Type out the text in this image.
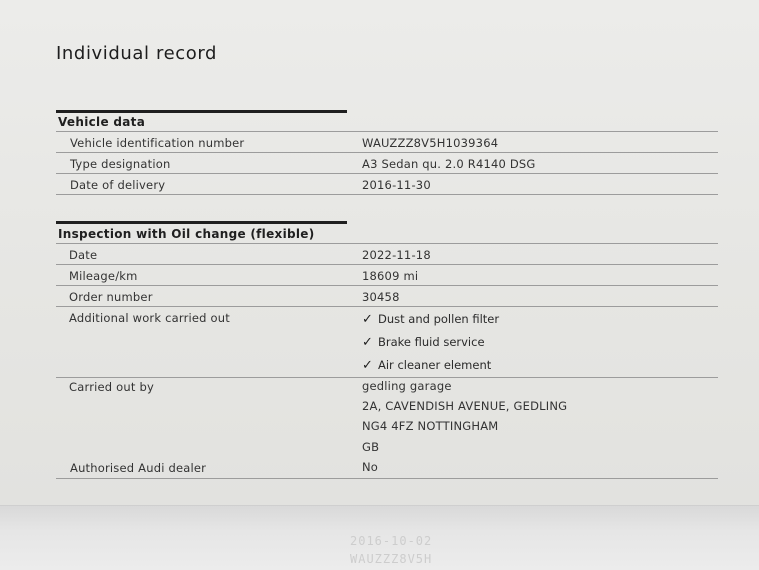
Individual record
Vehicle data
Vehicle identification number	WAUZZZ8V5H1039364
Type designation	A3 Sedan qu. 2.0 R4140 DSG
Date of delivery	2016-11-30
Inspection with Oil change (flexible)
Date	2022-11-18
Mileage/km	18609 mi
Order number	30458
Additional work carried out	✓ Dust and pollen filter
✓ Brake fluid service
✓ Air cleaner element
Carried out by	gedling garage
2A, CAVENDISH AVENUE, GEDLING
NG4 4FZ NOTTINGHAM
GB
Authorised Audi dealer	No
2016-10-02
WAUZZZ8V5H
